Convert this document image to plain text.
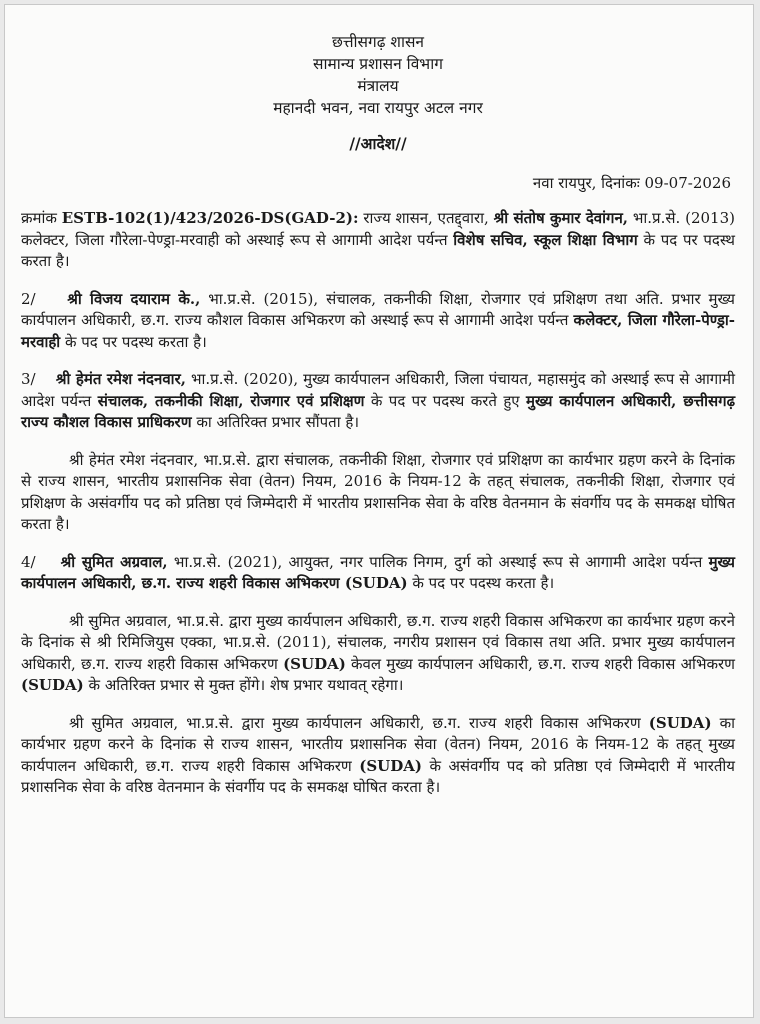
छत्तीसगढ़ शासन
सामान्य प्रशासन विभाग
मंत्रालय
महानदी भवन, नवा रायपुर अटल नगर
//आदेश//
नवा रायपुर, दिनांकः 09-07-2026

क्रमांक ESTB-102(1)/423/2026-DS(GAD-2): राज्य शासन, एतद्द्वारा, श्री संतोष कुमार देवांगन, भा.प्र.से. (2013) कलेक्टर, जिला गौरेला-पेण्ड्रा-मरवाही को अस्थाई रूप से आगामी आदेश पर्यन्त विशेष सचिव, स्कूल शिक्षा विभाग के पद पर पदस्थ करता है।

2/ श्री विजय दयाराम के., भा.प्र.से. (2015), संचालक, तकनीकी शिक्षा, रोजगार एवं प्रशिक्षण तथा अति. प्रभार मुख्य कार्यपालन अधिकारी, छ.ग. राज्य कौशल विकास अभिकरण को अस्थाई रूप से आगामी आदेश पर्यन्त कलेक्टर, जिला गौरेला-पेण्ड्रा-मरवाही के पद पर पदस्थ करता है।

3/ श्री हेमंत रमेश नंदनवार, भा.प्र.से. (2020), मुख्य कार्यपालन अधिकारी, जिला पंचायत, महासमुंद को अस्थाई रूप से आगामी आदेश पर्यन्त संचालक, तकनीकी शिक्षा, रोजगार एवं प्रशिक्षण के पद पर पदस्थ करते हुए मुख्य कार्यपालन अधिकारी, छत्तीसगढ़ राज्य कौशल विकास प्राधिकरण का अतिरिक्त प्रभार सौंपता है।

श्री हेमंत रमेश नंदनवार, भा.प्र.से. द्वारा संचालक, तकनीकी शिक्षा, रोजगार एवं प्रशिक्षण का कार्यभार ग्रहण करने के दिनांक से राज्य शासन, भारतीय प्रशासनिक सेवा (वेतन) नियम, 2016 के नियम-12 के तहत् संचालक, तकनीकी शिक्षा, रोजगार एवं प्रशिक्षण के असंवर्गीय पद को प्रतिष्ठा एवं जिम्मेदारी में भारतीय प्रशासनिक सेवा के वरिष्ठ वेतनमान के संवर्गीय पद के समकक्ष घोषित करता है।

4/ श्री सुमित अग्रवाल, भा.प्र.से. (2021), आयुक्त, नगर पालिक निगम, दुर्ग को अस्थाई रूप से आगामी आदेश पर्यन्त मुख्य कार्यपालन अधिकारी, छ.ग. राज्य शहरी विकास अभिकरण (SUDA) के पद पर पदस्थ करता है।

श्री सुमित अग्रवाल, भा.प्र.से. द्वारा मुख्य कार्यपालन अधिकारी, छ.ग. राज्य शहरी विकास अभिकरण का कार्यभार ग्रहण करने के दिनांक से श्री रिमिजियुस एक्का, भा.प्र.से. (2011), संचालक, नगरीय प्रशासन एवं विकास तथा अति. प्रभार मुख्य कार्यपालन अधिकारी, छ.ग. राज्य शहरी विकास अभिकरण (SUDA) केवल मुख्य कार्यपालन अधिकारी, छ.ग. राज्य शहरी विकास अभिकरण (SUDA) के अतिरिक्त प्रभार से मुक्त होंगे। शेष प्रभार यथावत् रहेगा।

श्री सुमित अग्रवाल, भा.प्र.से. द्वारा मुख्य कार्यपालन अधिकारी, छ.ग. राज्य शहरी विकास अभिकरण (SUDA) का कार्यभार ग्रहण करने के दिनांक से राज्य शासन, भारतीय प्रशासनिक सेवा (वेतन) नियम, 2016 के नियम-12 के तहत् मुख्य कार्यपालन अधिकारी, छ.ग. राज्य शहरी विकास अभिकरण (SUDA) के असंवर्गीय पद को प्रतिष्ठा एवं जिम्मेदारी में भारतीय प्रशासनिक सेवा के वरिष्ठ वेतनमान के संवर्गीय पद के समकक्ष घोषित करता है।
